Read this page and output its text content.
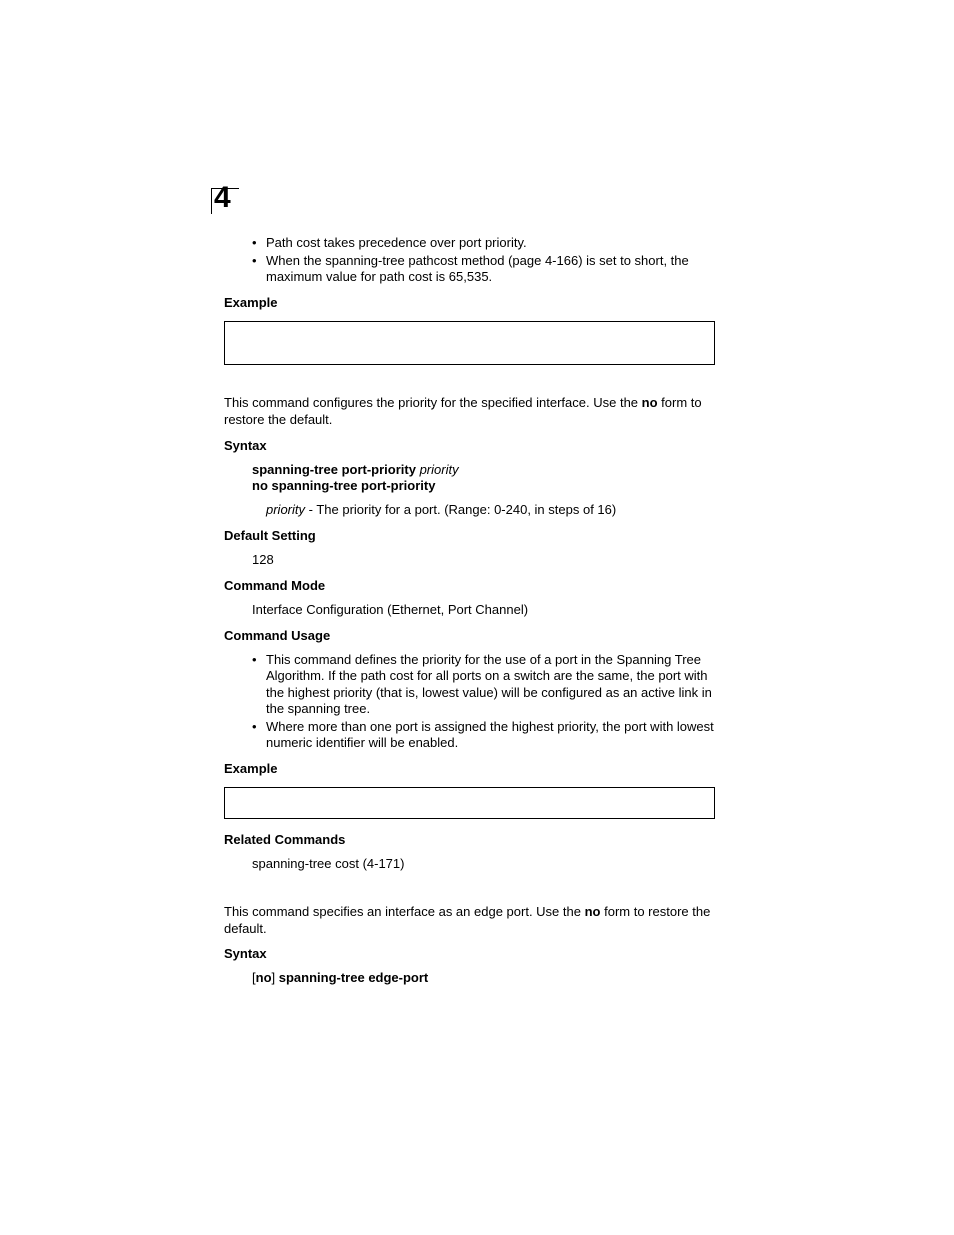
4
• Path cost takes precedence over port priority.
• When the spanning-tree pathcost method (page 4-166) is set to short, the maximum value for path cost is 65,535.
Example
This command configures the priority for the specified interface. Use the no form to restore the default.
Syntax
spanning-tree port-priority priority
no spanning-tree port-priority
priority - The priority for a port. (Range: 0-240, in steps of 16)
Default Setting
128
Command Mode
Interface Configuration (Ethernet, Port Channel)
Command Usage
• This command defines the priority for the use of a port in the Spanning Tree Algorithm. If the path cost for all ports on a switch are the same, the port with the highest priority (that is, lowest value) will be configured as an active link in the spanning tree.
• Where more than one port is assigned the highest priority, the port with lowest numeric identifier will be enabled.
Example
Related Commands
spanning-tree cost (4-171)
This command specifies an interface as an edge port. Use the no form to restore the default.
Syntax
[no] spanning-tree edge-port
